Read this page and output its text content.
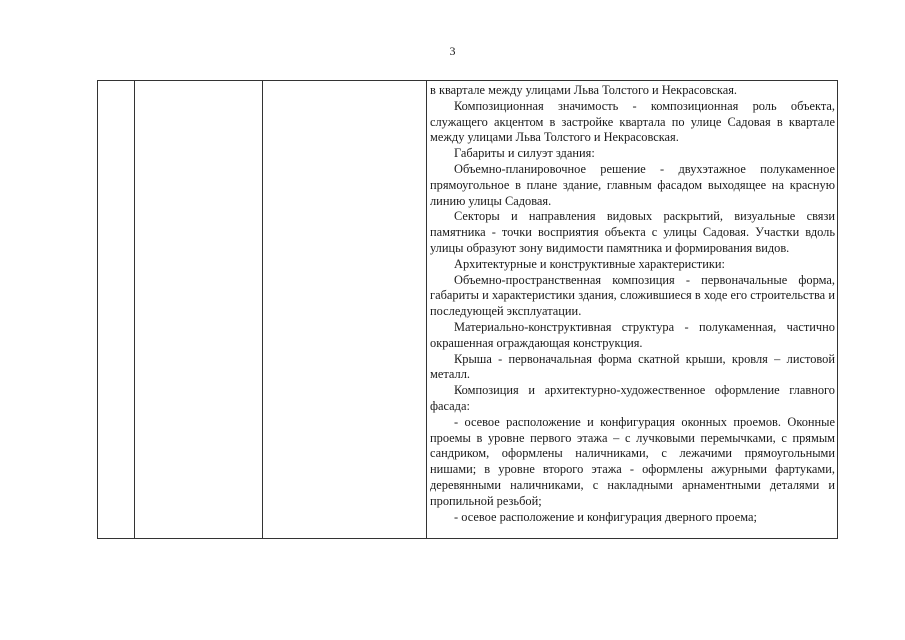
3

в квартале между улицами Льва Толстого и Некрасовская.

Композиционная значимость - композиционная роль объекта, служащего акцентом в застройке квартала по улице Садовая в квартале между улицами Льва Толстого и Некрасовская.

Габариты и силуэт здания:

Объемно-планировочное решение - двухэтажное полукаменное прямоугольное в плане здание, главным фасадом выходящее на красную линию улицы Садовая.

Секторы и направления видовых раскрытий, визуальные связи памятника - точки восприятия объекта с улицы Садовая. Участки вдоль улицы образуют зону видимости памятника и формирования видов.

Архитектурные и конструктивные характеристики:

Объемно-пространственная композиция - первоначальные форма, габариты и характеристики здания, сложившиеся в ходе его строительства и последующей эксплуатации.

Материально-конструктивная структура - полукаменная, частично окрашенная ограждающая конструкция.

Крыша - первоначальная форма скатной крыши, кровля – листовой металл.

Композиция и архитектурно-художественное оформление главного фасада:

- осевое расположение и конфигурация оконных проемов. Оконные проемы в уровне первого этажа – с лучковыми перемычками, с прямым сандриком, оформлены наличниками, с лежачими прямоугольными нишами; в уровне второго этажа - оформлены ажурными фартуками, деревянными наличниками, с накладными арнаментными деталями и пропильной резьбой;

- осевое расположение и конфигурация дверного проема;
